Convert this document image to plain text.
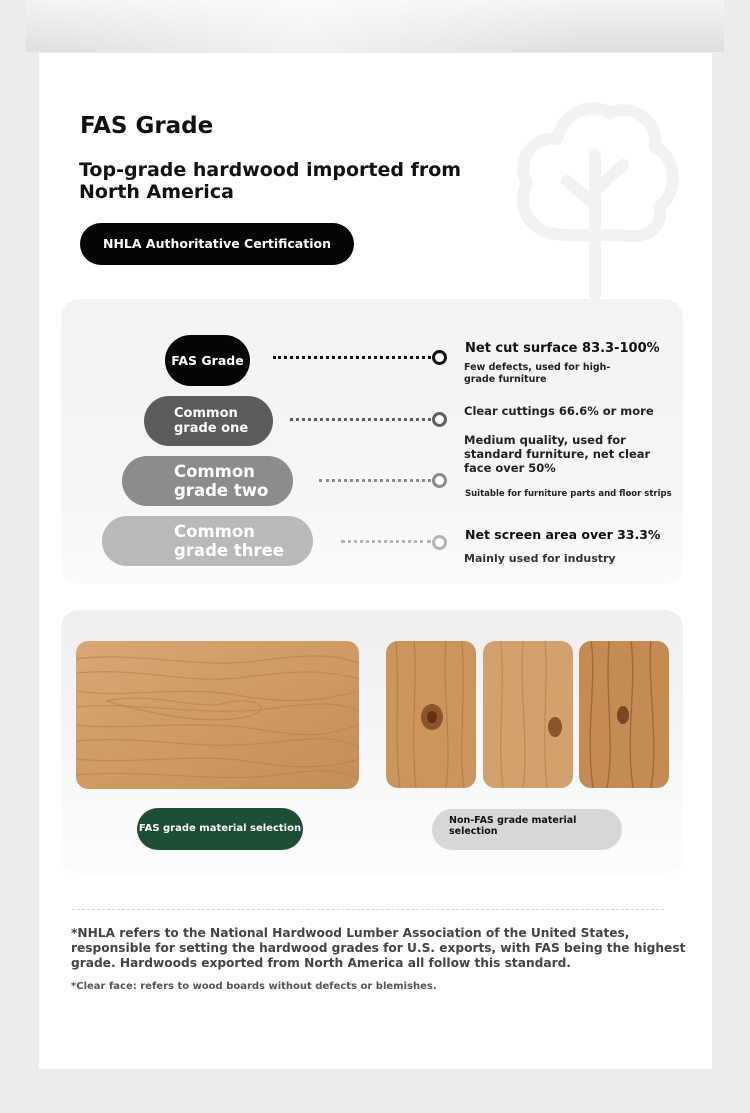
FAS Grade
Top-grade hardwood imported from North America
NHLA Authoritative Certification Grade
FAS Grade
Common grade one
Common grade two
Common grade three

Net cut surface 83.3-100%

Few defects, used for high-grade furniture

Clear cuttings 66.6% or more

Medium quality, used for standard furniture, net clear face over 50%

Suitable for furniture parts and floor strips

Net screen area over 33.3%

Mainly used for industry

FAS grade material selection
Non-FAS grade material selection

*NHLA refers to the National Hardwood Lumber Association of the United States, responsible for setting the hardwood grades for U.S. exports, with FAS being the highest grade. Hardwoods exported from North America all follow this standard.

*Clear face: refers to wood boards without defects or blemishes.
